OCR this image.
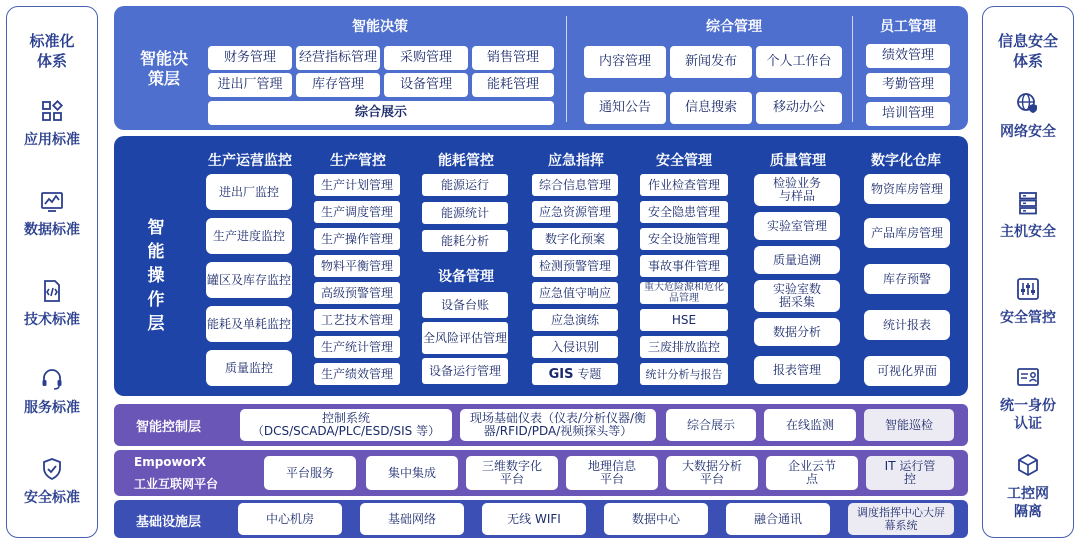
标准化体系
应用标准
数据标准
技术标准
服务标准
安全标准
信息安全体系
网络安全
主机安全
安全管控
统一身份认证
工控网隔离
智能决策层
智能决策	综合管理	员工管理
财务管理	经营指标管理	采购管理	销售管理
进出厂管理	库存管理	设备管理	能耗管理
综合展示
内容管理	新闻发布	个人工作台
通知公告	信息搜索	移动办公
绩效管理
考勤管理
培训管理
智能操作层
生产运营监控
进出厂监控
生产进度监控
罐区及库存监控
能耗及单耗监控
质量监控
生产管控
生产计划管理
生产调度管理
生产操作管理
物料平衡管理
高级预警管理
工艺技术管理
生产统计管理
生产绩效管理
能耗管控
能源运行
能源统计
能耗分析
设备管理
设备台账
全风险评估管理
设备运行管理
应急指挥
综合信息管理
应急资源管理
数字化预案
检测预警管理
应急值守响应
应急演练
入侵识别
GIS
专题
安全管理
作业检查管理
安全隐患管理
安全设施管理
事故事件管理
重大危险源和危化品管理
HSE
三废排放监控
统计分析与报告
质量管理
检验业务与样品
实验室管理
质量追溯
实验室数据采集
数据分析
报表管理
数字化仓库
物资库房管理
产品库房管理
库存预警
统计报表
可视化界面
智能控制层
控制系统（DCS/SCADA/PLC/ESD/SIS 等）
现场基础仪表（仪表/分析仪器/衡器/RFID/PDA/视频探头等）	综合展示	在线监测	智能巡检
EmpoworX
工业互联网平台
平台服务	集中集成	三维数字化平台
地理信息平台
大数据分析平台
企业云节点
IT 运行管控
基础设施层	中心机房	基础网络	无线 WIFI	数据中心	融合通讯	调度指挥中心大屏幕系统
